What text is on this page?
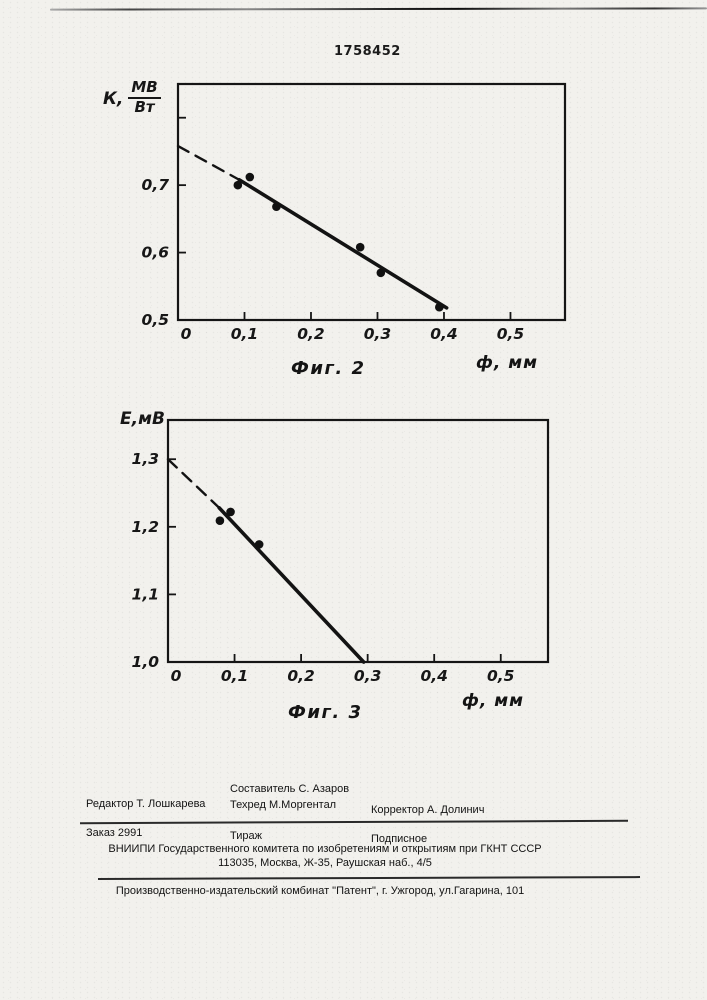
1758452
К, $\frac{МВ}{Вт}$
0	0,1	0,2	0,3	0,4	0,5
0,5
0,6
0,7
Фиг. 2	ф, мм
Е,мВ
0	0,1	0,2	0,3	0,4	0,5
1,0
1,1
1,2
1,3
Фиг. 3
ф, мм
Составитель С. Азаров
Редактор Т. Лошкарева Техред М.Моргентал	Корректор А. Долинич
Заказ 2991	Тираж	Подписное
ВНИИПИ Государственного комитета по изобретениям и открытиям при ГКНТ СССР
113035, Москва, Ж-35, Раушская наб., 4/5
Производственно-издательский комбинат "Патент", г. Ужгород, ул.Гагарина, 101
